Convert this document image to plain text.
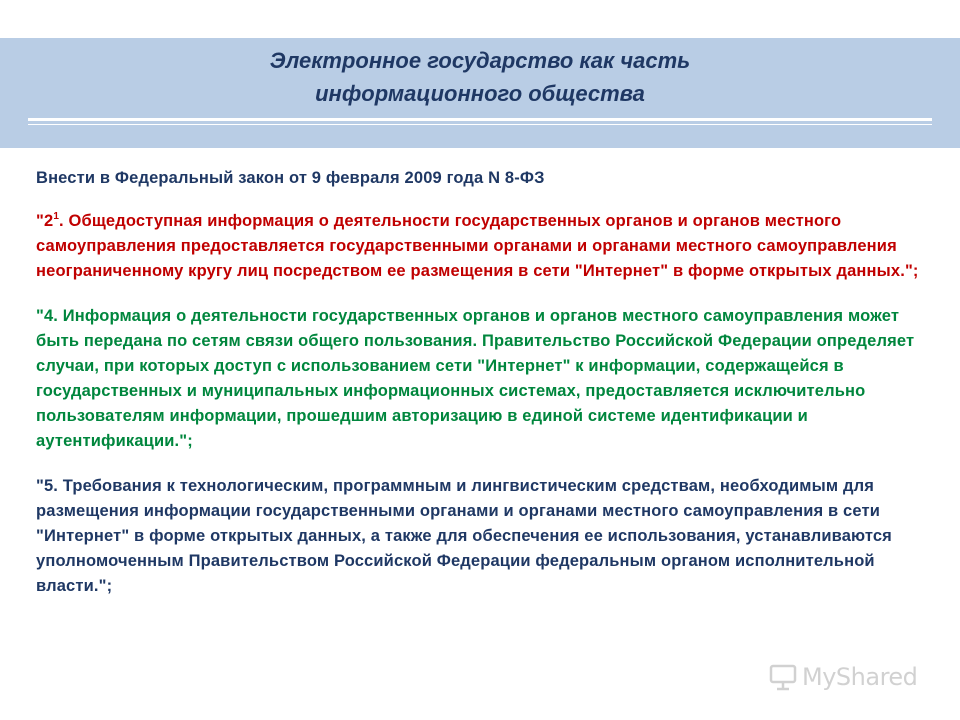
Электронное государство как часть
информационного общества

Внести в Федеральный закон от 9 февраля 2009 года N 8-ФЗ

"$2^1$. Общедоступная информация о деятельности государственных органов и органов местного самоуправления предоставляется государственными органами и органами местного самоуправления неограниченному кругу лиц посредством ее размещения в сети "Интернет" в форме открытых данных.";

"4. Информация о деятельности государственных органов и органов местного самоуправления может быть передана по сетям связи общего пользования. Правительство Российской Федерации определяет случаи, при которых доступ с использованием сети "Интернет" к информации, содержащейся в государственных и муниципальных информационных системах, предоставляется исключительно пользователям информации, прошедшим авторизацию в единой системе идентификации и аутентификации.";

"5. Требования к технологическим, программным и лингвистическим средствам, необходимым для размещения информации государственными органами и органами местного самоуправления в сети "Интернет" в форме открытых данных, а также для обеспечения ее использования, устанавливаются уполномоченным Правительством Российской Федерации федеральным органом исполнительной власти.";

MyShared
